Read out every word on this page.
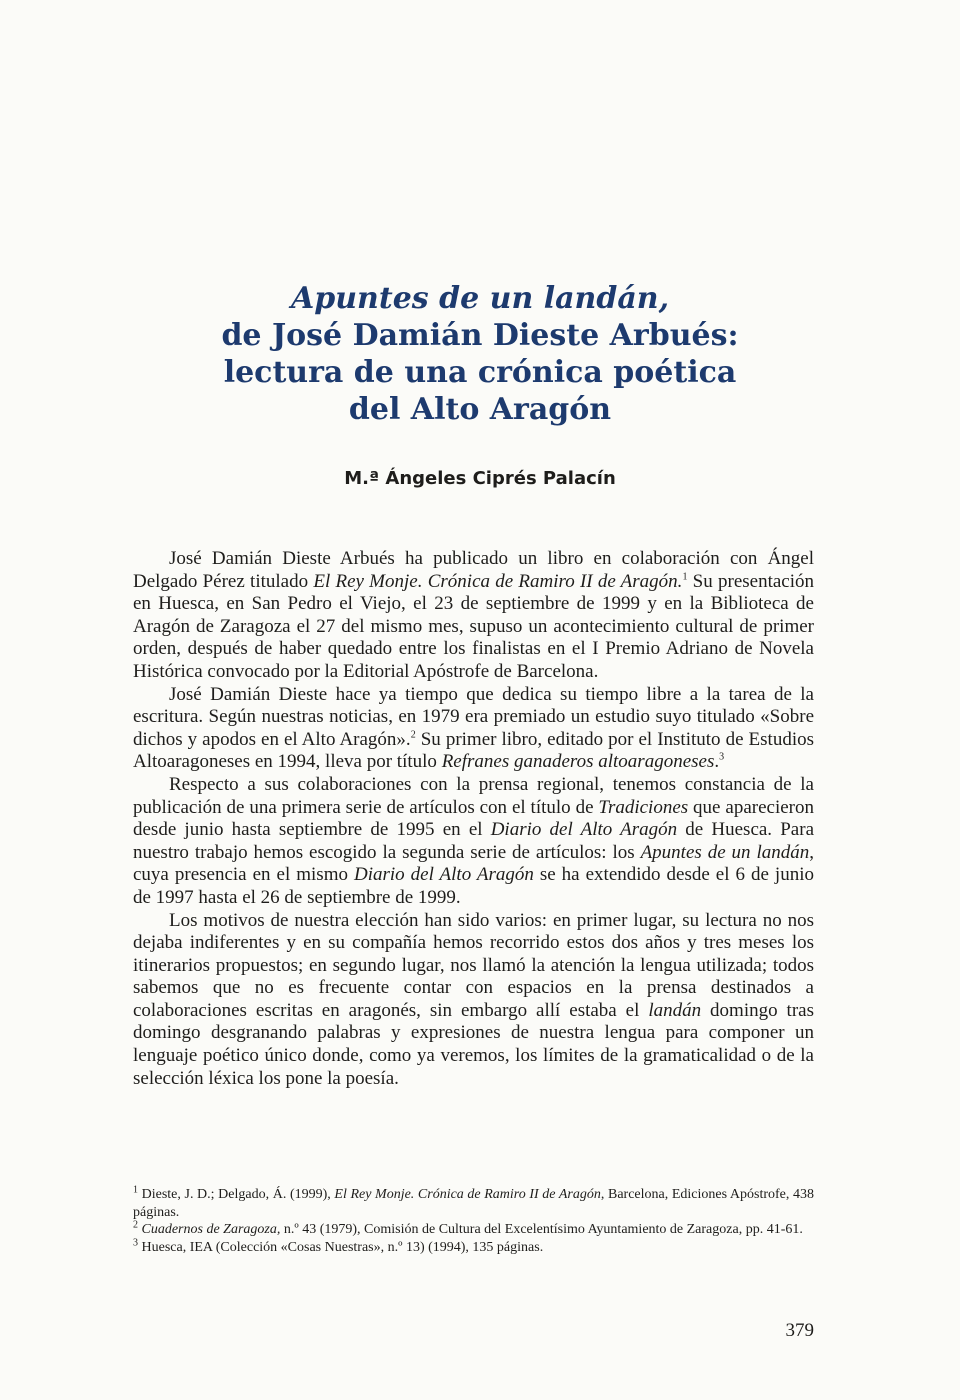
Apuntes de un landán,
de José Damián Dieste Arbués:
lectura de una crónica poética
del Alto Aragón
M.ª Ángeles Ciprés Palacín

José Damián Dieste Arbués ha publicado un libro en colaboración con Ángel Delgado Pérez titulado El Rey Monje. Crónica de Ramiro II de Aragón.$^1$ Su presentación en Huesca, en San Pedro el Viejo, el 23 de septiembre de 1999 y en la Biblioteca de Aragón de Zaragoza el 27 del mismo mes, supuso un acontecimiento cultural de primer orden, después de haber quedado entre los finalistas en el I Premio Adriano de Novela Histórica convocado por la Editorial Apóstrofe de Barcelona.

José Damián Dieste hace ya tiempo que dedica su tiempo libre a la tarea de la escritura. Según nuestras noticias, en 1979 era premiado un estudio suyo titulado «Sobre dichos y apodos en el Alto Aragón».$^2$ Su primer libro, editado por el Instituto de Estudios Altoaragoneses en 1994, lleva por título Refranes ganaderos altoaragoneses.$^3$

Respecto a sus colaboraciones con la prensa regional, tenemos constancia de la publicación de una primera serie de artículos con el título de Tradiciones que aparecieron desde junio hasta septiembre de 1995 en el Diario del Alto Aragón de Huesca. Para nuestro trabajo hemos escogido la segunda serie de artículos: los Apuntes de un landán, cuya presencia en el mismo Diario del Alto Aragón se ha extendido desde el 6 de junio de 1997 hasta el 26 de septiembre de 1999.

Los motivos de nuestra elección han sido varios: en primer lugar, su lectura no nos dejaba indiferentes y en su compañía hemos recorrido estos dos años y tres meses los itinerarios propuestos; en segundo lugar, nos llamó la atención la lengua utilizada; todos sabemos que no es frecuente contar con espacios en la prensa destinados a colaboraciones escritas en aragonés, sin embargo allí estaba el landán domingo tras domingo desgranando palabras y expresiones de nuestra lengua para componer un lenguaje poético único donde, como ya veremos, los límites de la gramaticalidad o de la selección léxica los pone la poesía.

$^1$ Dieste, J. D.; Delgado, Á. (1999), El Rey Monje. Crónica de Ramiro II de Aragón, Barcelona, Ediciones Apóstrofe, 438 páginas.

$^2$ Cuadernos de Zaragoza, n.º 43 (1979), Comisión de Cultura del Excelentísimo Ayuntamiento de Zaragoza, pp. 41-61.

$^3$ Huesca, IEA (Colección «Cosas Nuestras», n.º 13) (1994), 135 páginas.

379
